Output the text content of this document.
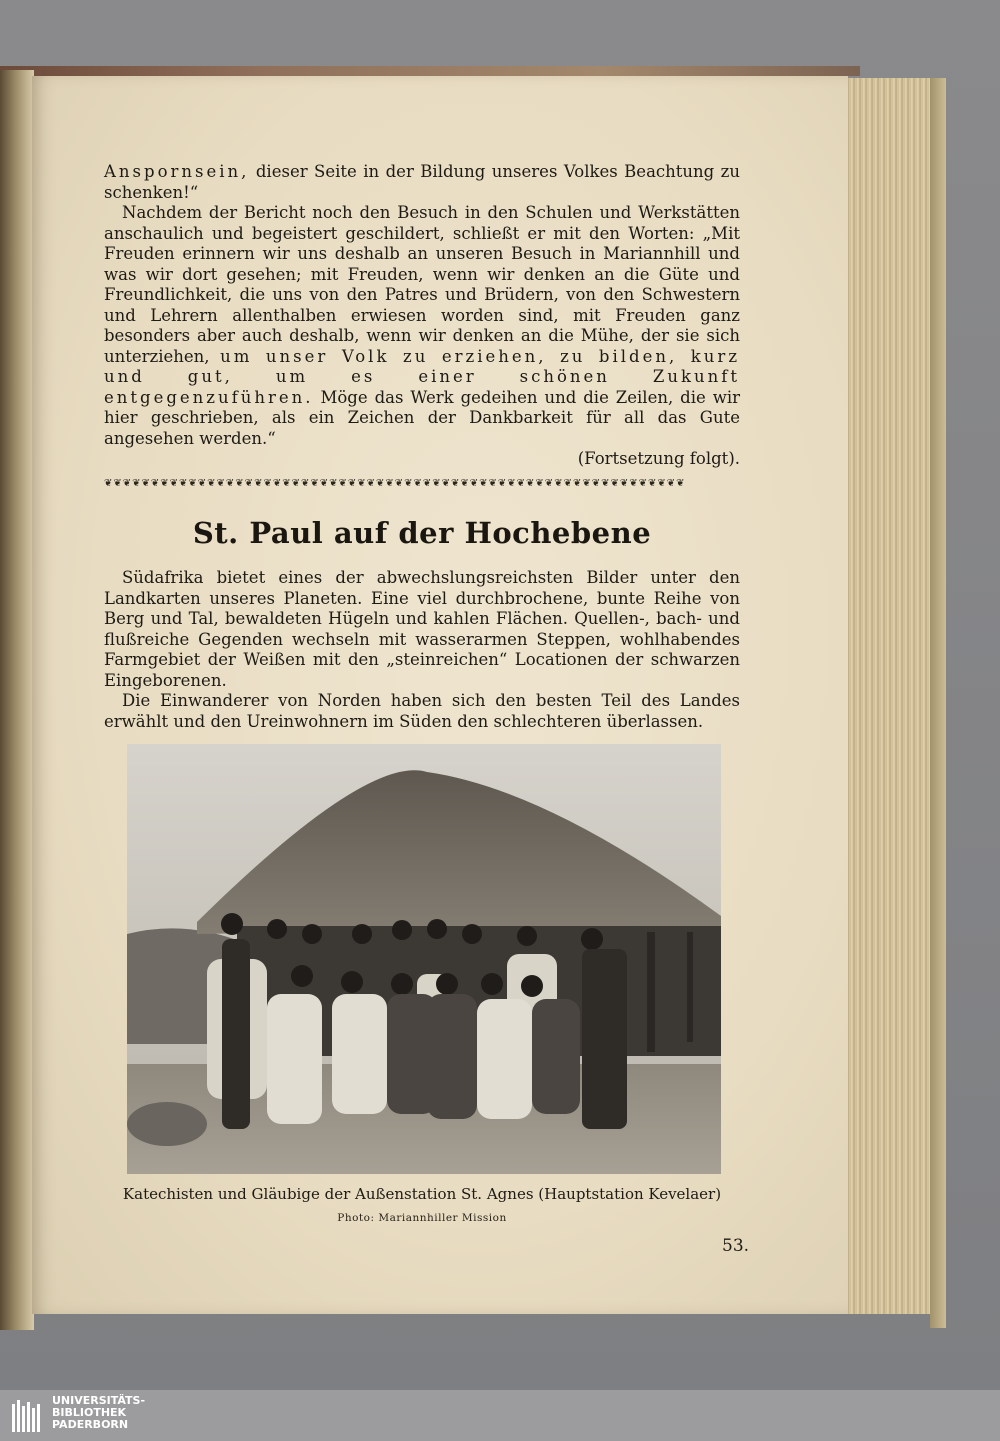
Anspornsein, dieser Seite in der Bildung unseres Volkes Beachtung zu schenken!“

Nachdem der Bericht noch den Besuch in den Schulen und Werkstätten anschaulich und begeistert geschildert, schließt er mit den Worten: „Mit Freuden erinnern wir uns deshalb an unseren Besuch in Mariannhill und was wir dort gesehen; mit Freuden, wenn wir denken an die Güte und Freundlichkeit, die uns von den Patres und Brüdern, von den Schwestern und Lehrern allenthalben erwiesen worden sind, mit Freuden ganz besonders aber auch deshalb, wenn wir denken an die Mühe, der sie sich unterziehen, um unser Volk zu erziehen, zu bilden, kurz und gut, um es einer schönen Zukunft entgegenzuführen. Möge das Werk gedeihen und die Zeilen, die wir hier geschrieben, als ein Zeichen der Dankbarkeit für all das Gute angesehen werden.“

(Fortsetzung folgt).

❦❦❦❦❦❦❦❦❦❦❦❦❦❦❦❦❦❦❦❦❦❦❦❦❦❦❦❦❦❦❦❦❦❦❦❦❦❦❦❦❦❦❦❦❦❦❦❦❦❦❦❦❦❦❦❦❦❦❦❦❦❦
St. Paul auf der Hochebene

Südafrika bietet eines der abwechslungsreichsten Bilder unter den Landkarten unseres Planeten. Eine viel durchbrochene, bunte Reihe von Berg und Tal, bewaldeten Hügeln und kahlen Flächen. Quellen-, bach- und flußreiche Gegenden wechseln mit wasserarmen Steppen, wohlhabendes Farmgebiet der Weißen mit den „steinreichen“ Locationen der schwarzen Eingeborenen.

Die Einwanderer von Norden haben sich den besten Teil des Landes erwählt und den Ureinwohnern im Süden den schlechteren überlassen.

Katechisten und Gläubige der Außenstation St. Agnes (Hauptstation Kevelaer)
Photo: Mariannhiller Mission
53.
UNIVERSITÄTS-
BIBLIOTHEK
PADERBORN
